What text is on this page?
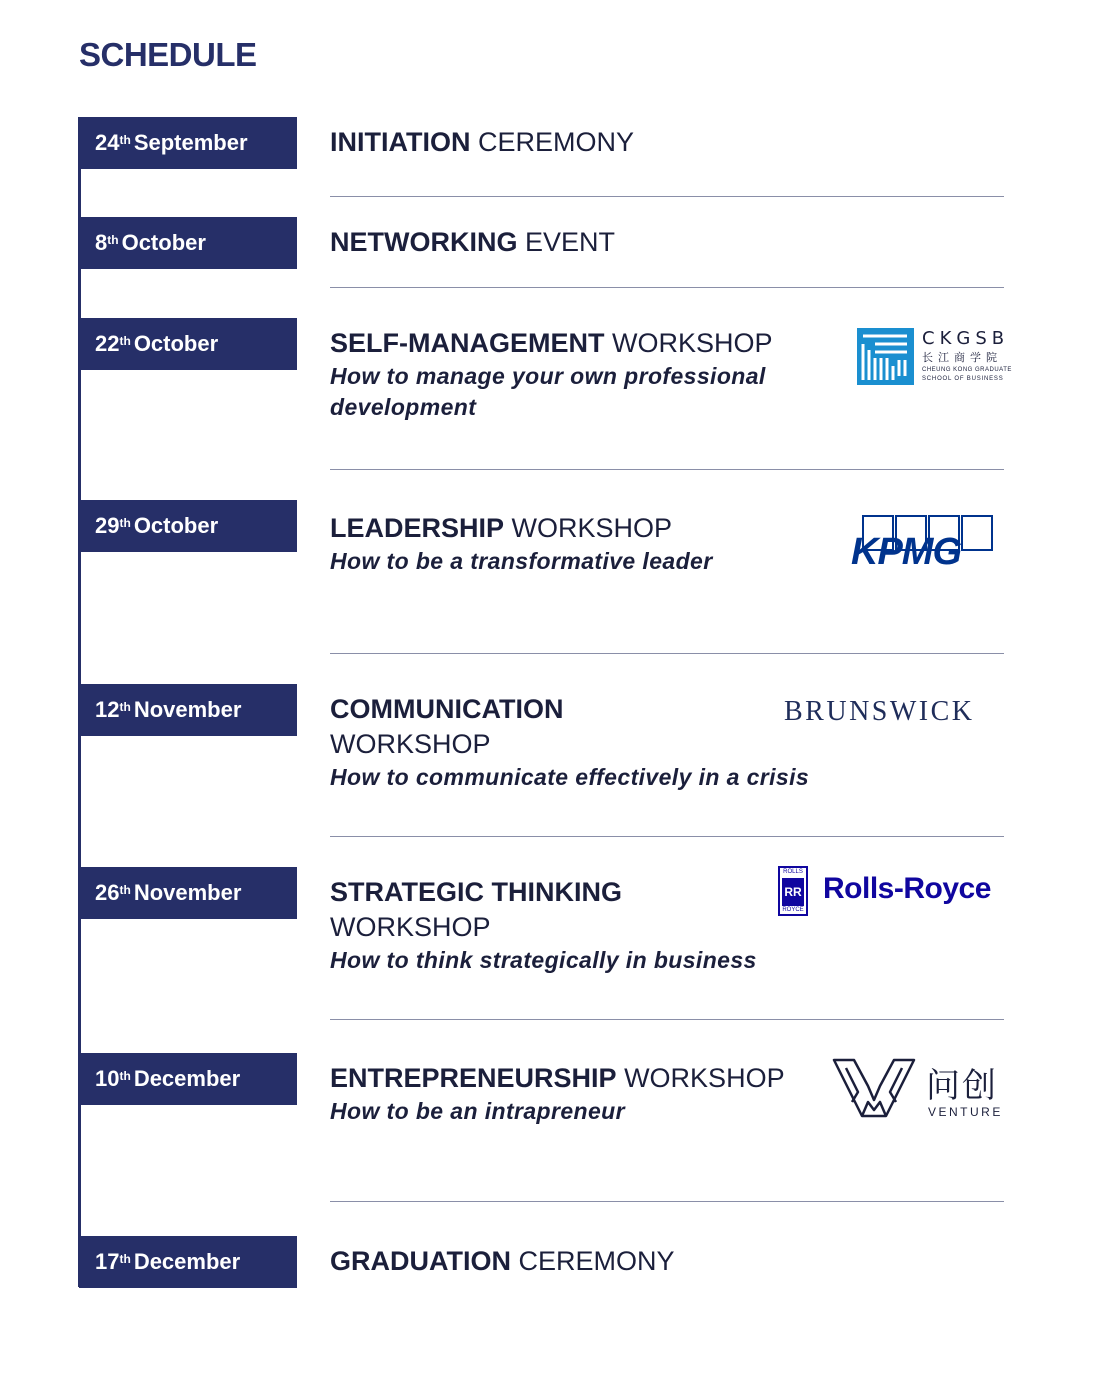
SCHEDULE
24th September	INITIATION CEREMONY
8th October	NETWORKING EVENT
22th October	SELF-MANAGEMENT WORKSHOP
How to manage your own professional
development
CKGSB
长江商学院
CHEUNG KONG GRADUATE
SCHOOL OF BUSINESS
29th October	LEADERSHIP WORKSHOP
How to be a transformative leader	KPMG
12th November	COMMUNICATION
WORKSHOP
How to communicate effectively in a crisis
BRUNSWICK
26th November	STRATEGIC THINKING
WORKSHOP
How to think strategically in business
ROLLS
RR
ROYCE
Rolls-Royce
10th December	ENTREPRENEURSHIP WORKSHOP
How to be an intrapreneur
问创
VENTURE
17th December	GRADUATION CEREMONY
